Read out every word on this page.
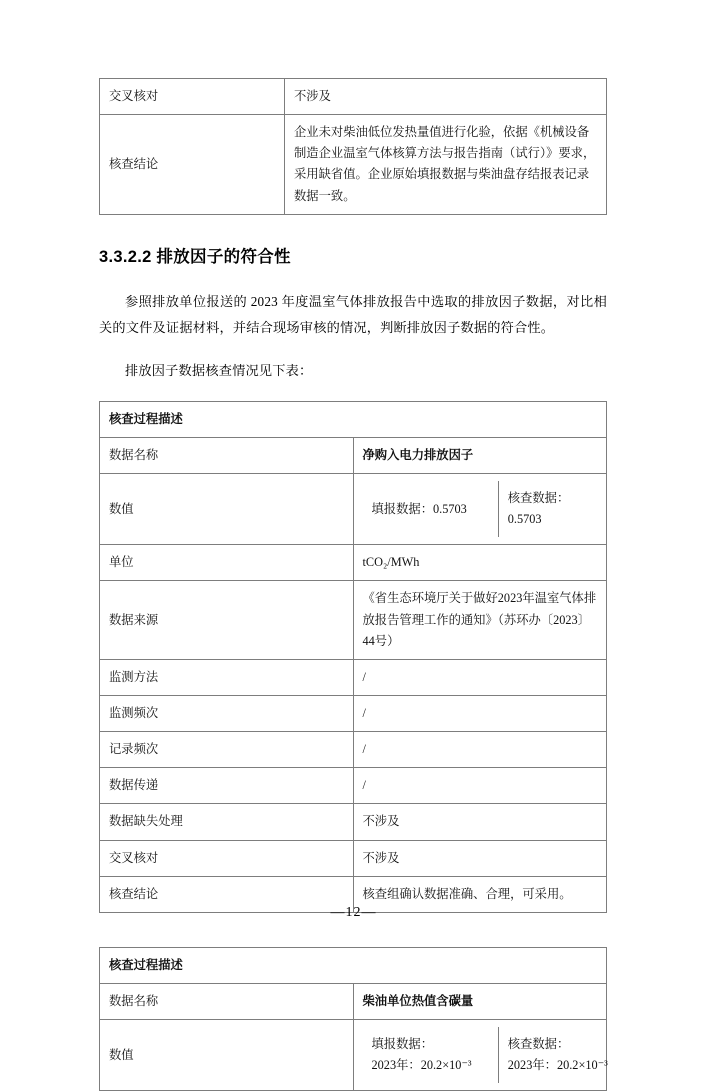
交叉核对	不涉及
核查结论	企业未对柴油低位发热量值进行化验，依据《机械设备制造企业温室气体核算方法与报告指南（试行）》要求，采用缺省值。企业原始填报数据与柴油盘存结报表记录数据一致。
3.3.2.2 排放因子的符合性

参照排放单位报送的 2023 年度温室气体排放报告中选取的排放因子数据，对比相关的文件及证据材料，并结合现场审核的情况，判断排放因子数据的符合性。

排放因子数据核查情况见下表：

核查过程描述	
数据名称	净购入电力排放因子
数值	填报数据：0.5703	核查数据：0.5703

单位	tCO₂/MWh
数据来源	《省生态环境厅关于做好2023年温室气体排放报告管理工作的通知》（苏环办〔2023〕44号）
监测方法	/
监测频次	/
记录频次	/
数据传递	/
数据缺失处理	不涉及
交叉核对	不涉及
核查结论	核查组确认数据准确、合理，可采用。
核查过程描述	
数据名称	柴油单位热值含碳量
数值	填报数据：
2023年：20.2×10⁻³

核查数据：
2023年：20.2×10⁻³
—12—
